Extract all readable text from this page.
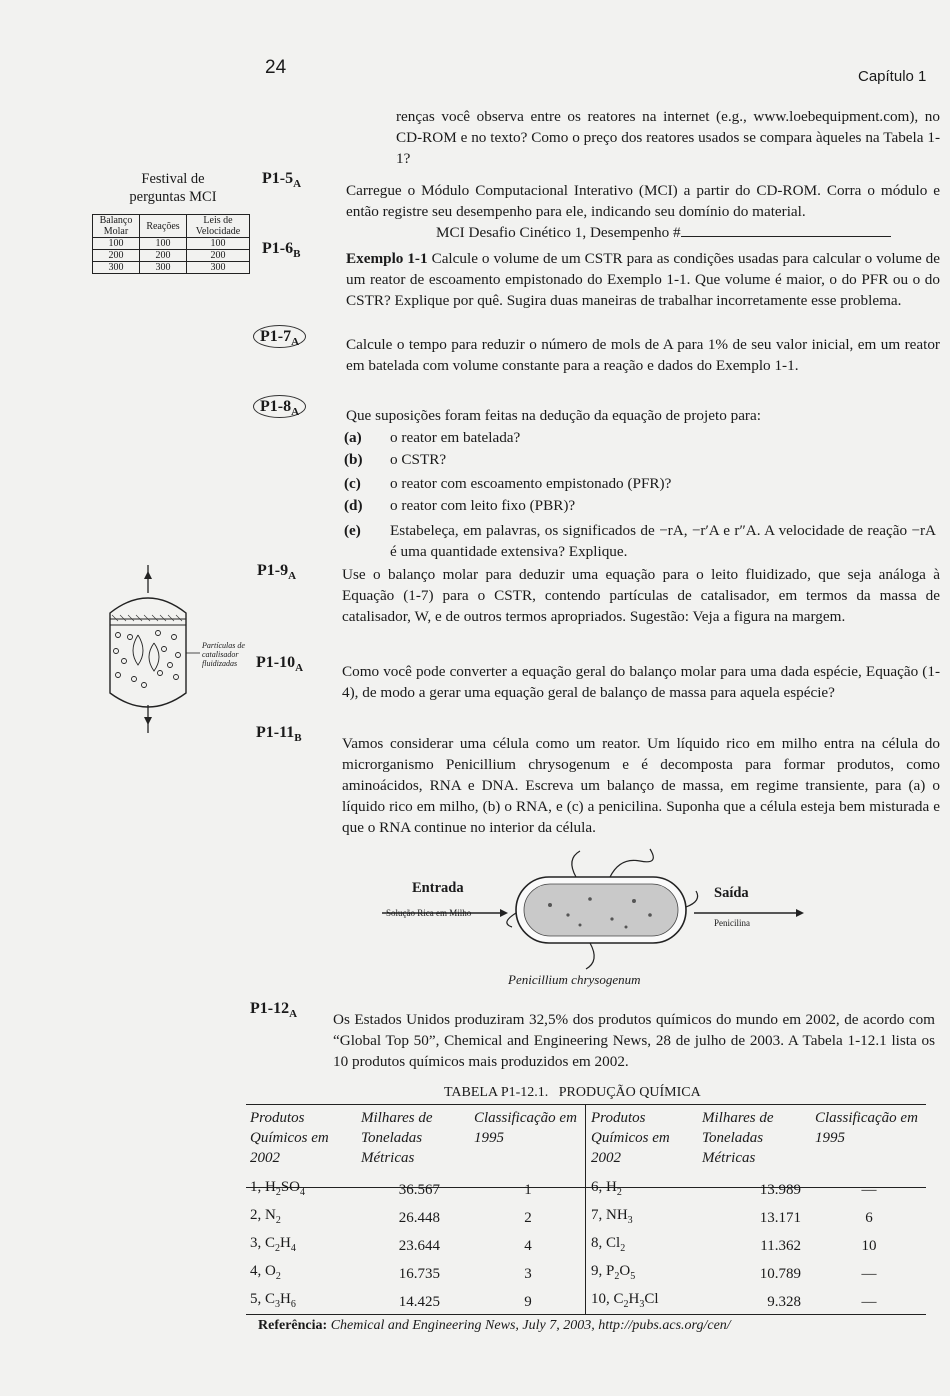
24	Capítulo 1
renças você observa entre os reatores na internet (e.g., www.loebequipment.com), no CD-ROM e no texto? Como o preço dos reatores usados se compara àqueles na Tabela 1-1?
Festival de perguntas MCI
Balanço Molar	Reações	Leis de Velocidade
100	100	100
200	200	200
300	300	300
$P1-5_A$	Carregue o Módulo Computacional Interativo (MCI) a partir do CD-ROM. Corra o módulo e então registre seu desempenho para ele, indicando seu domínio do material.
MCI Desafio Cinético 1, Desempenho #
$P1-6_B$	Exemplo 1-1 Calcule o volume de um CSTR para as condições usadas para calcular o volume de um reator de escoamento empistonado do Exemplo 1-1. Que volume é maior, o do PFR ou o do CSTR? Explique por quê. Sugira duas maneiras de trabalhar incorretamente esse problema.
$P1-7_A$	Calcule o tempo para reduzir o número de mols de A para 1% de seu valor inicial, em um reator em batelada com volume constante para a reação e dados do Exemplo 1-1.
$P1-8_A$	Que suposições foram feitas na dedução da equação de projeto para:
(a) o reator em batelada?
(b) o CSTR?
(c) o reator com escoamento empistonado (PFR)?
(d) o reator com leito fixo (PBR)?
(e) Estabeleça, em palavras, os significados de −rA, −r′A e r″A. A velocidade de reação −rA é uma quantidade extensiva? Explique.
Partículas de catalisador fluidizadas
$P1-9_A$	Use o balanço molar para deduzir uma equação para o leito fluidizado, que seja análoga à Equação (1-7) para o CSTR, contendo partículas de catalisador, em termos da massa de catalisador, W, e de outros termos apropriados. Sugestão: Veja a figura na margem.
$P1-10_A$	Como você pode converter a equação geral do balanço molar para uma dada espécie, Equação (1-4), de modo a gerar uma equação geral de balanço de massa para aquela espécie?
$P1-11_B$	Vamos considerar uma célula como um reator. Um líquido rico em milho entra na célula do microrganismo Penicillium chrysogenum e é decomposta para formar produtos, como aminoácidos, RNA e DNA. Escreva um balanço de massa, em regime transiente, para (a) o líquido rico em milho, (b) o RNA, e (c) a penicilina. Suponha que a célula esteja bem misturada e que o RNA continue no interior da célula.
Entrada
Solução Rica em Milho
Saída
Penicilina
Penicillium chrysogenum
$P1-12_A$ Os Estados Unidos produziram 32,5% dos produtos químicos do mundo em 2002, de acordo com “Global Top 50”, Chemical and Engineering News, 28 de julho de 2003. A Tabela 1-12.1 lista os 10 produtos químicos mais produzidos em 2002.
TABELA P1-12.1.   PRODUÇÃO QUÍMICA
Produtos Químicos em 2002	Milhares de Toneladas Métricas	Classificação em 1995

1, $H_2SO_4$	36.567	1
2, $N_2$	26.448	2
3, $C_2H_4$	23.644	4
4, $O_2$	16.735	3
5, $C_3H_6$	14.425	9
Produtos Químicos em 2002	Milhares de Toneladas Métricas	Classificação em 1995

6, $H_2$	13.989	—
7, $NH_3$	13.171	6
8, $Cl_2$	11.362	10
9, $P_2O_5$	10.789	—
10, $C_2H_3Cl$	9.328	—
Referência: Chemical and Engineering News, July 7, 2003, http://pubs.acs.org/cen/
